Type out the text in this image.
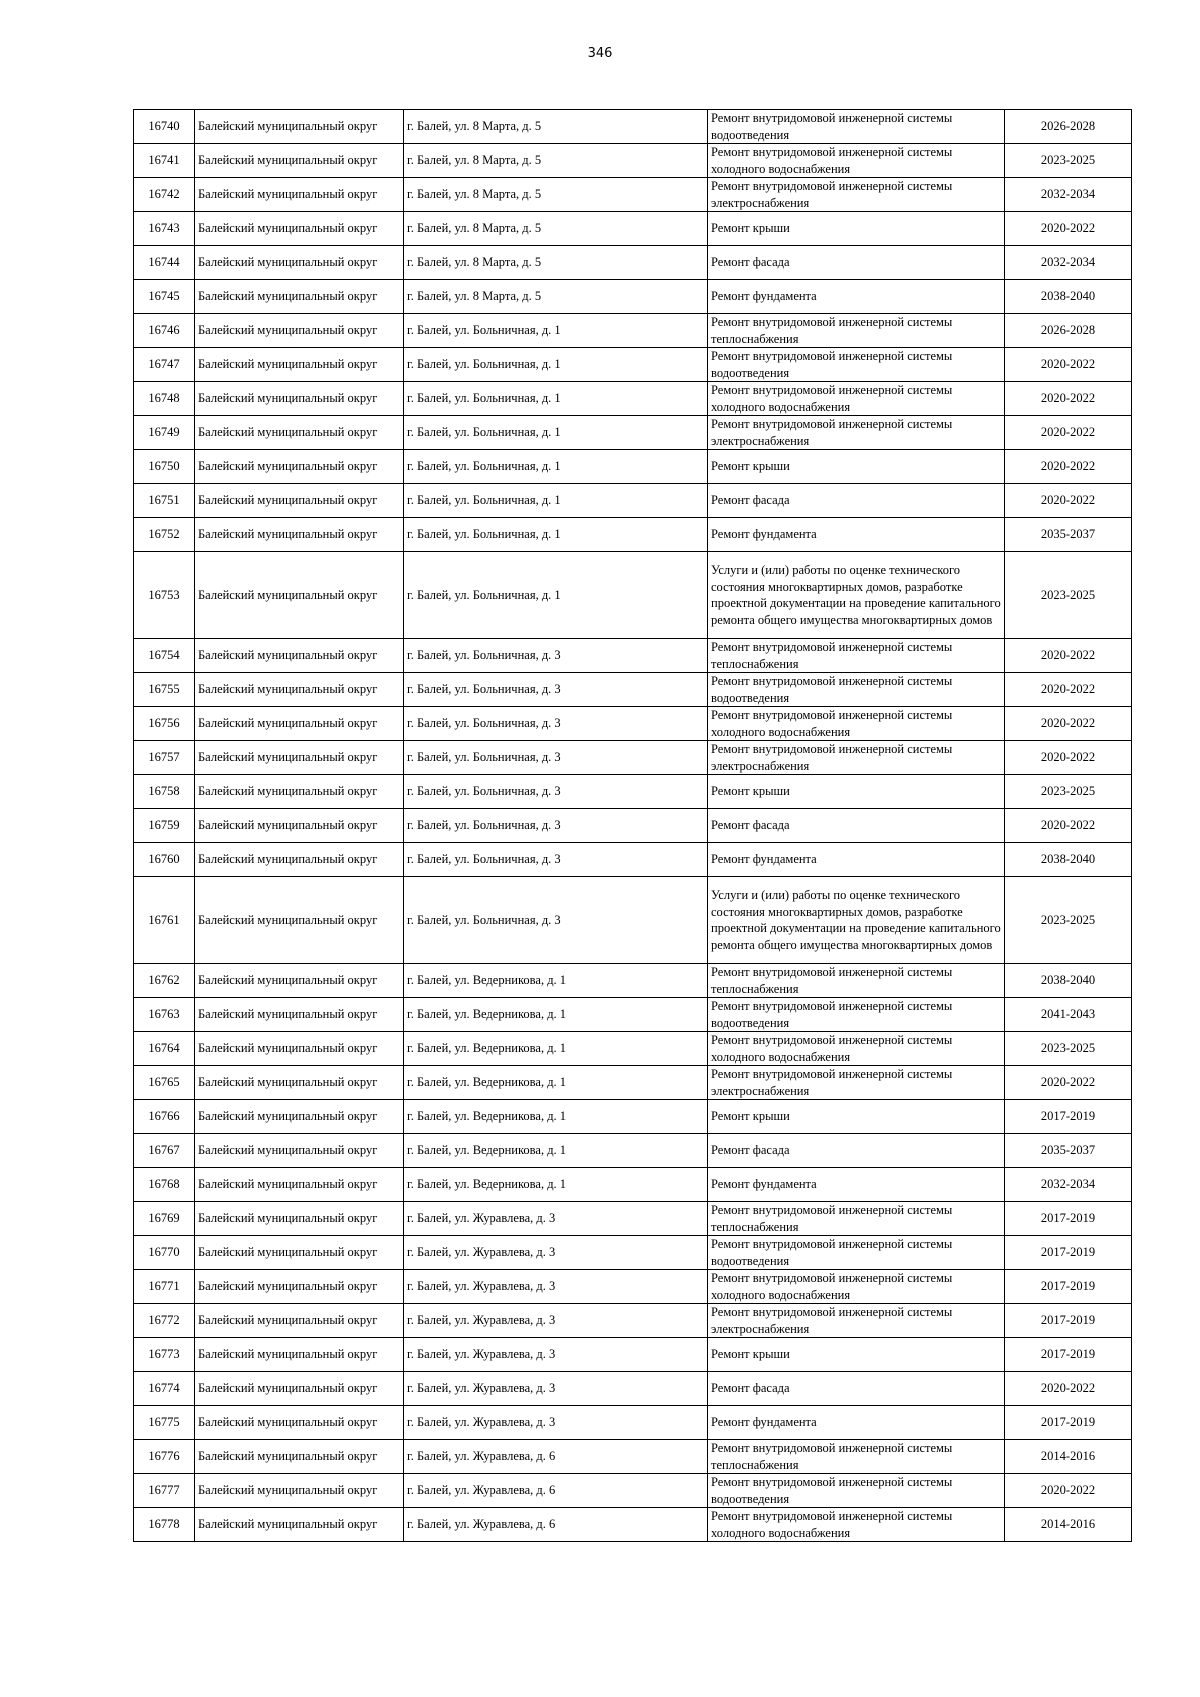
346
16740	Балейский муниципальный округ	г. Балей, ул. 8 Марта, д. 5	Ремонт внутридомовой инженерной системы водоотведения	2026-2028
16741	Балейский муниципальный округ	г. Балей, ул. 8 Марта, д. 5	Ремонт внутридомовой инженерной системы холодного водоснабжения	2023-2025
16742	Балейский муниципальный округ	г. Балей, ул. 8 Марта, д. 5	Ремонт внутридомовой инженерной системы электроснабжения	2032-2034
16743	Балейский муниципальный округ	г. Балей, ул. 8 Марта, д. 5	Ремонт крыши	2020-2022
16744	Балейский муниципальный округ	г. Балей, ул. 8 Марта, д. 5	Ремонт фасада	2032-2034
16745	Балейский муниципальный округ	г. Балей, ул. 8 Марта, д. 5	Ремонт фундамента	2038-2040
16746	Балейский муниципальный округ	г. Балей, ул. Больничная, д. 1	Ремонт внутридомовой инженерной системы теплоснабжения	2026-2028
16747	Балейский муниципальный округ	г. Балей, ул. Больничная, д. 1	Ремонт внутридомовой инженерной системы водоотведения	2020-2022
16748	Балейский муниципальный округ	г. Балей, ул. Больничная, д. 1	Ремонт внутридомовой инженерной системы холодного водоснабжения	2020-2022
16749	Балейский муниципальный округ	г. Балей, ул. Больничная, д. 1	Ремонт внутридомовой инженерной системы электроснабжения	2020-2022
16750	Балейский муниципальный округ	г. Балей, ул. Больничная, д. 1	Ремонт крыши	2020-2022
16751	Балейский муниципальный округ	г. Балей, ул. Больничная, д. 1	Ремонт фасада	2020-2022
16752	Балейский муниципальный округ	г. Балей, ул. Больничная, д. 1	Ремонт фундамента	2035-2037
16753	Балейский муниципальный округ	г. Балей, ул. Больничная, д. 1	Услуги и (или) работы по оценке технического состояния многоквартирных домов, разработке проектной документации на проведение капитального ремонта общего имущества многоквартирных домов	2023-2025
16754	Балейский муниципальный округ	г. Балей, ул. Больничная, д. 3	Ремонт внутридомовой инженерной системы теплоснабжения	2020-2022
16755	Балейский муниципальный округ	г. Балей, ул. Больничная, д. 3	Ремонт внутридомовой инженерной системы водоотведения	2020-2022
16756	Балейский муниципальный округ	г. Балей, ул. Больничная, д. 3	Ремонт внутридомовой инженерной системы холодного водоснабжения	2020-2022
16757	Балейский муниципальный округ	г. Балей, ул. Больничная, д. 3	Ремонт внутридомовой инженерной системы электроснабжения	2020-2022
16758	Балейский муниципальный округ	г. Балей, ул. Больничная, д. 3	Ремонт крыши	2023-2025
16759	Балейский муниципальный округ	г. Балей, ул. Больничная, д. 3	Ремонт фасада	2020-2022
16760	Балейский муниципальный округ	г. Балей, ул. Больничная, д. 3	Ремонт фундамента	2038-2040
16761	Балейский муниципальный округ	г. Балей, ул. Больничная, д. 3	Услуги и (или) работы по оценке технического состояния многоквартирных домов, разработке проектной документации на проведение капитального ремонта общего имущества многоквартирных домов	2023-2025
16762	Балейский муниципальный округ	г. Балей, ул. Ведерникова, д. 1	Ремонт внутридомовой инженерной системы теплоснабжения	2038-2040
16763	Балейский муниципальный округ	г. Балей, ул. Ведерникова, д. 1	Ремонт внутридомовой инженерной системы водоотведения	2041-2043
16764	Балейский муниципальный округ	г. Балей, ул. Ведерникова, д. 1	Ремонт внутридомовой инженерной системы холодного водоснабжения	2023-2025
16765	Балейский муниципальный округ	г. Балей, ул. Ведерникова, д. 1	Ремонт внутридомовой инженерной системы электроснабжения	2020-2022
16766	Балейский муниципальный округ	г. Балей, ул. Ведерникова, д. 1	Ремонт крыши	2017-2019
16767	Балейский муниципальный округ	г. Балей, ул. Ведерникова, д. 1	Ремонт фасада	2035-2037
16768	Балейский муниципальный округ	г. Балей, ул. Ведерникова, д. 1	Ремонт фундамента	2032-2034
16769	Балейский муниципальный округ	г. Балей, ул. Журавлева, д. 3	Ремонт внутридомовой инженерной системы теплоснабжения	2017-2019
16770	Балейский муниципальный округ	г. Балей, ул. Журавлева, д. 3	Ремонт внутридомовой инженерной системы водоотведения	2017-2019
16771	Балейский муниципальный округ	г. Балей, ул. Журавлева, д. 3	Ремонт внутридомовой инженерной системы холодного водоснабжения	2017-2019
16772	Балейский муниципальный округ	г. Балей, ул. Журавлева, д. 3	Ремонт внутридомовой инженерной системы электроснабжения	2017-2019
16773	Балейский муниципальный округ	г. Балей, ул. Журавлева, д. 3	Ремонт крыши	2017-2019
16774	Балейский муниципальный округ	г. Балей, ул. Журавлева, д. 3	Ремонт фасада	2020-2022
16775	Балейский муниципальный округ	г. Балей, ул. Журавлева, д. 3	Ремонт фундамента	2017-2019
16776	Балейский муниципальный округ	г. Балей, ул. Журавлева, д. 6	Ремонт внутридомовой инженерной системы теплоснабжения	2014-2016
16777	Балейский муниципальный округ	г. Балей, ул. Журавлева, д. 6	Ремонт внутридомовой инженерной системы водоотведения	2020-2022
16778	Балейский муниципальный округ	г. Балей, ул. Журавлева, д. 6	Ремонт внутридомовой инженерной системы холодного водоснабжения	2014-2016
